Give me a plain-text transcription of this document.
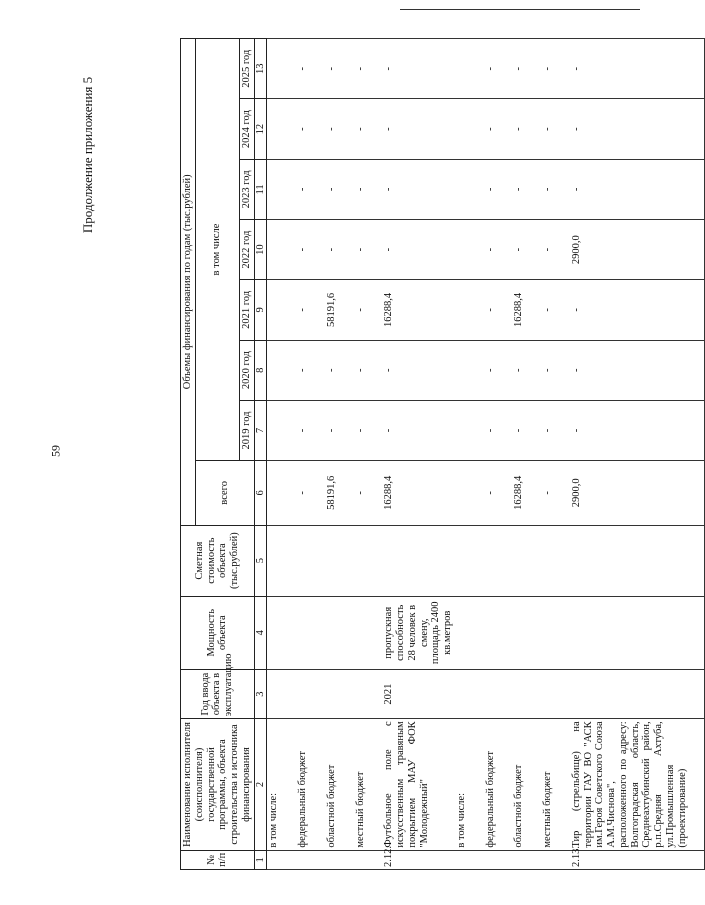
59
Продолжение приложения 5
№ п/п	Наименование исполнителя (соисполнителя) государственной программы, объекта строительства и источника финансирования	Год ввода объекта в эксплуатацию	Мощность объекта	Сметная стоимость объекта (тыс.рублей)	Объемы финансирования по годам (тыс.рублей)							
					всего	в том числе						
						2019 год	2020 год	2021 год	2022 год	2023 год	2024 год	2025 год
1	2	3	4	5	6	7	8	9	10	11	12	13
	в том числе:											
	федеральный бюджет				-	-	-	-	-	-	-	-
	областной бюджет				58191,6	-	-	58191,6	-	-	-	-
	местный бюджет				-	-	-	-	-	-	-	-
2.12.	Футбольное поле с искусственным травяным покрытием МАУ ФОК "Молодежный"	2021	пропускная способность 28 человек в смену, площадь 2400 кв.метров		16288,4	-	-	16288,4	-	-	-	-
	в том числе:											
	федеральный бюджет				-	-	-	-	-	-	-	-
	областной бюджет				16288,4	-	-	16288,4	-	-	-	-
	местный бюджет				-	-	-	-	-	-	-	-
2.13.	Тир (стрельбище) на территории ГАУ ВО "АСК им.Героя Советского Союза А.М.Чиснова", расположенного по адресу: Волгоградская область, Среднеахтубинский район, р.п.Средняя Ахтуба, ул.Промышленная (проектирование)				2900,0	-	-	-	2900,0	-	-	-
